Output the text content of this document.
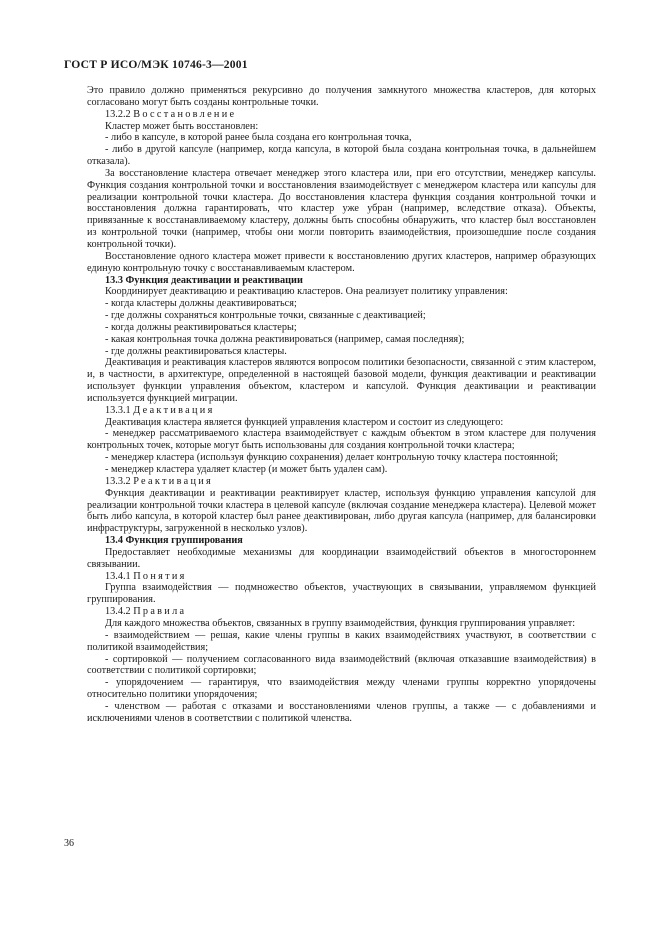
ГОСТ Р ИСО/МЭК 10746-3—2001

Это правило должно применяться рекурсивно до получения замкнутого множества кластеров, для которых согласовано могут быть созданы контрольные точки.

13.2.2 Восстановление

Кластер может быть восстановлен:

- либо в капсуле, в которой ранее была создана его контрольная точка,

- либо в другой капсуле (например, когда капсула, в которой была создана контрольная точка, в дальнейшем отказала).

За восстановление кластера отвечает менеджер этого кластера или, при его отсутствии, менеджер капсулы. Функция создания контрольной точки и восстановления взаимодействует с менеджером кластера или капсулы для реализации контрольной точки кластера. До восстановления кластера функция создания контрольной точки и восстановления должна гарантировать, что кластер уже убран (например, вследствие отказа). Объекты, привязанные к восстанавливаемому кластеру, должны быть способны обнаружить, что кластер был восстановлен из контрольной точки (например, чтобы они могли повторить взаимодействия, произошедшие после создания контрольной точки).

Восстановление одного кластера может привести к восстановлению других кластеров, например образующих единую контрольную точку с восстанавливаемым кластером.

13.3 Функция деактивации и реактивации

Координирует деактивацию и реактивацию кластеров. Она реализует политику управления:

- когда кластеры должны деактивироваться;

- где должны сохраняться контрольные точки, связанные с деактивацией;

- когда должны реактивироваться кластеры;

- какая контрольная точка должна реактивироваться (например, самая последняя);

- где должны реактивироваться кластеры.

Деактивация и реактивация кластеров являются вопросом политики безопасности, связанной с этим кластером, и, в частности, в архитектуре, определенной в настоящей базовой модели, функция деактивации и реактивации использует функции управления объектом, кластером и капсулой. Функция деактивации и реактивации используется функцией миграции.

13.3.1 Деактивация

Деактивация кластера является функцией управления кластером и состоит из следующего:

- менеджер рассматриваемого кластера взаимодействует с каждым объектом в этом кластере для получения контрольных точек, которые могут быть использованы для создания контрольной точки кластера;

- менеджер кластера (используя функцию сохранения) делает контрольную точку кластера постоянной;

- менеджер кластера удаляет кластер (и может быть удален сам).

13.3.2 Реактивация

Функция деактивации и реактивации реактивирует кластер, используя функцию управления капсулой для реализации контрольной точки кластера в целевой капсуле (включая создание менеджера кластера). Целевой может быть либо капсула, в которой кластер был ранее деактивирован, либо другая капсула (например, для балансировки инфраструктуры, загруженной в несколько узлов).

13.4 Функция группирования

Предоставляет необходимые механизмы для координации взаимодействий объектов в многостороннем связывании.

13.4.1 Понятия

Группа взаимодействия — подмножество объектов, участвующих в связывании, управляемом функцией группирования.

13.4.2 Правила

Для каждого множества объектов, связанных в группу взаимодействия, функция группирования управляет:

- взаимодействием — решая, какие члены группы в каких взаимодействиях участвуют, в соответствии с политикой взаимодействия;

- сортировкой — получением согласованного вида взаимодействий (включая отказавшие взаимодействия) в соответствии с политикой сортировки;

- упорядочением — гарантируя, что взаимодействия между членами группы корректно упорядочены относительно политики упорядочения;

- членством — работая с отказами и восстановлениями членов группы, а также — с добавлениями и исключениями членов в соответствии с политикой членства.

36
